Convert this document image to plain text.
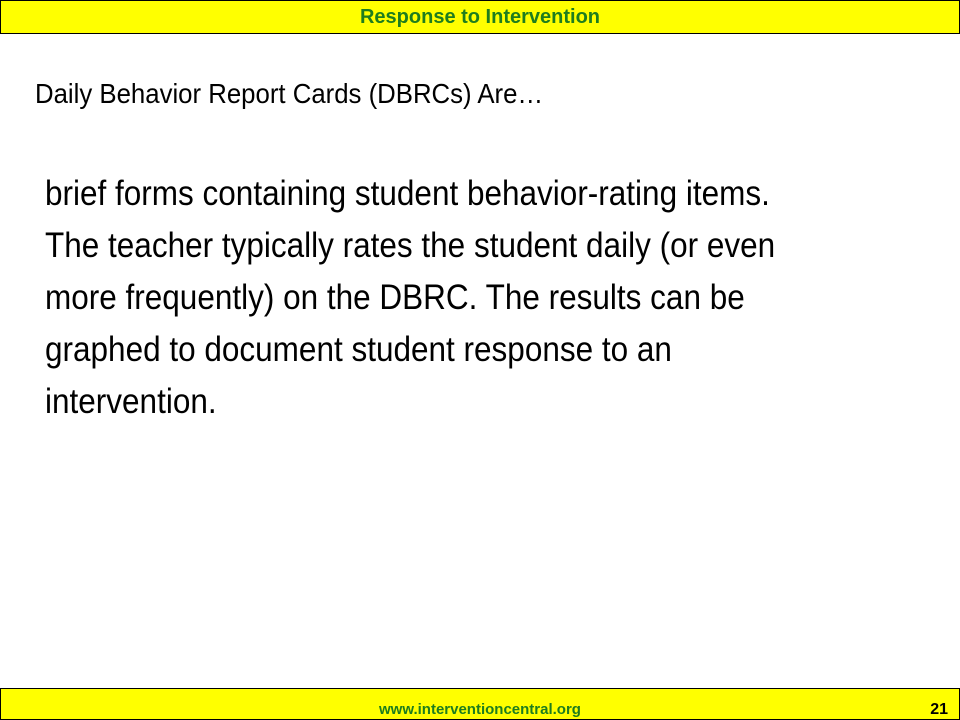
Response to Intervention
Daily Behavior Report Cards (DBRCs) Are…
brief forms containing student behavior-rating items. The teacher typically rates the student daily (or even more frequently) on the DBRC. The results can be graphed to document student response to an intervention.
www.interventioncentral.org	21
